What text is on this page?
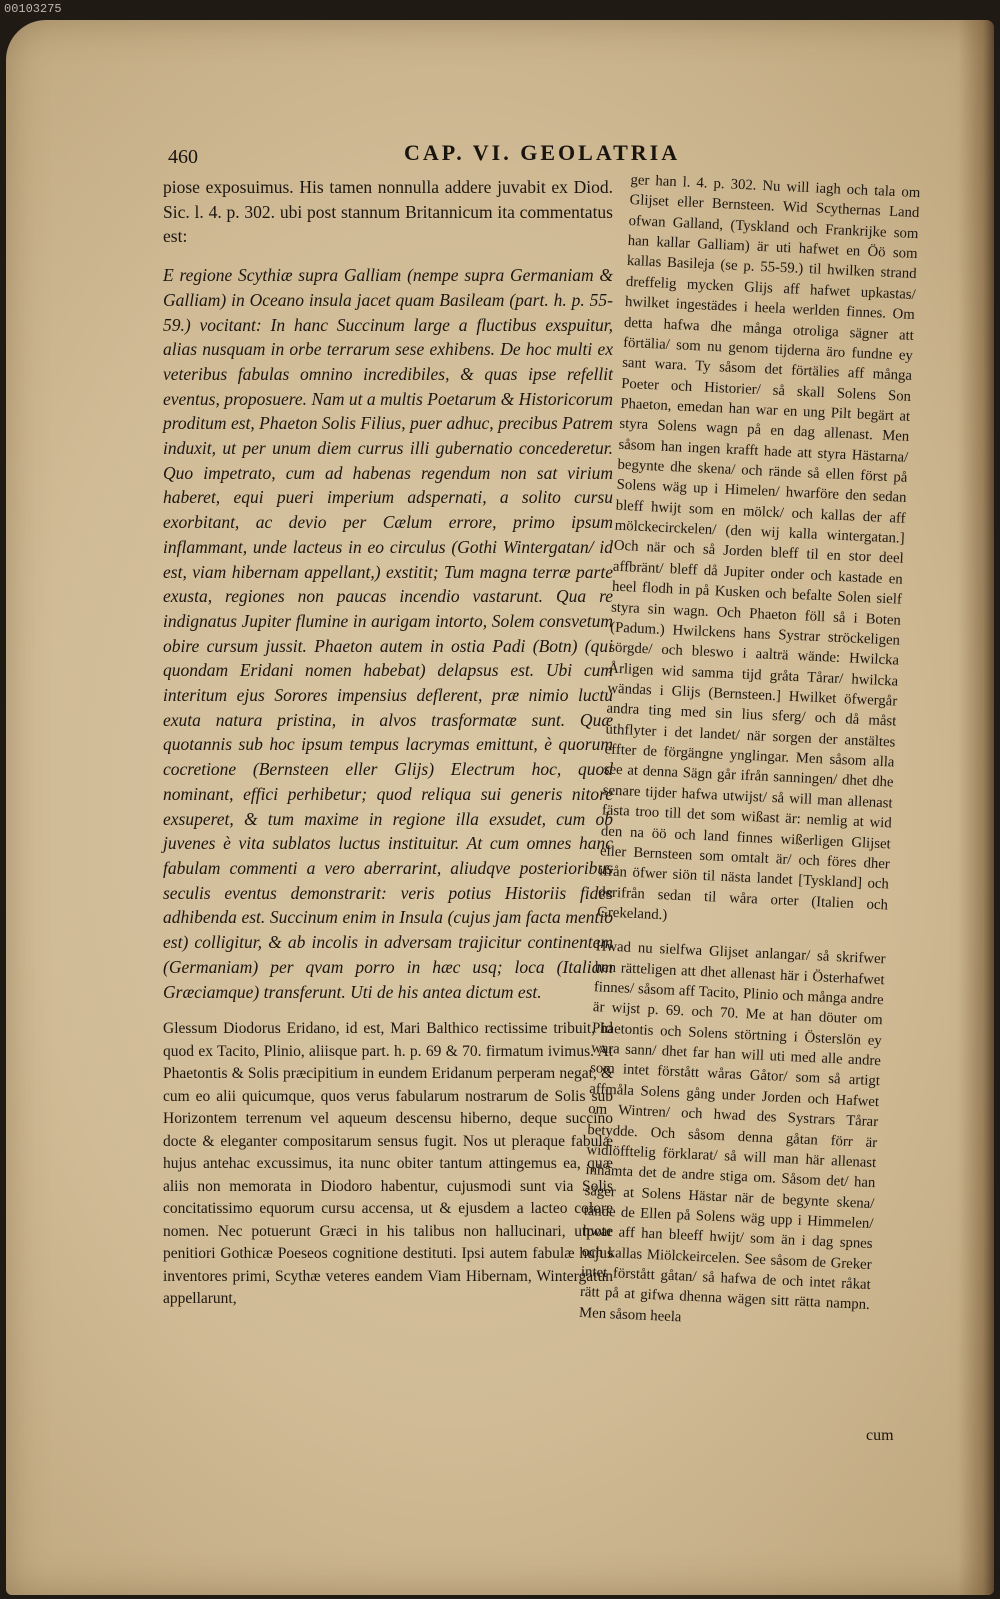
00103275
460	CAP. VI. GEOLATRIA

piose exposuimus. His tamen nonnulla addere juvabit ex Diod. Sic. l. 4. p. 302. ubi post stannum Britannicum ita commentatus est:

E regione Scythiæ supra Galliam (nempe supra Germaniam & Galliam) in Oceano insula jacet quam Basileam (part. h. p. 55-59.) vocitant: In hanc Succinum large a fluctibus exspuitur, alias nusquam in orbe terrarum sese exhibens. De hoc multi ex veteribus fabulas omnino incredibiles, & quas ipse refellit eventus, proposuere. Nam ut a multis Poetarum & Historicorum proditum est, Phaeton Solis Filius, puer adhuc, precibus Patrem induxit, ut per unum diem currus illi gubernatio concederetur. Quo impetrato, cum ad habenas regendum non sat virium haberet, equi pueri imperium adspernati, a solito cursu exorbitant, ac devio per Cælum errore, primo ipsum inflammant, unde lacteus in eo circulus (Gothi Wintergatan/ id est, viam hibernam appellant,) exstitit; Tum magna terræ parte exusta, regiones non paucas incendio vastarunt. Qua re indignatus Jupiter flumine in aurigam intorto, Solem consvetum obire cursum jussit. Phaeton autem in ostia Padi (Botn) (qui quondam Eridani nomen habebat) delapsus est. Ubi cum interitum ejus Sorores impensius deflerent, præ nimio luctu exuta natura pristina, in alvos trasformatæ sunt. Quæ quotannis sub hoc ipsum tempus lacrymas emittunt, è quorum cocretione (Bernsteen eller Glijs) Electrum hoc, quod nominant, effici perhibetur; quod reliqua sui generis nitore exsuperet, & tum maxime in regione illa exsudet, cum ob juvenes è vita sublatos luctus instituitur. At cum omnes hanc fabulam commenti a vero aberrarint, aliudqve posterioribus seculis eventus demonstrarit: veris potius Historiis fides adhibenda est. Succinum enim in Insula (cujus jam facta mentio est) colligitur, & ab incolis in adversam trajicitur continentem (Germaniam) per qvam porro in hæc usq; loca (Italiam Græciamque) transferunt. Uti de his antea dictum est.

Glessum Diodorus Eridano, id est, Mari Balthico rectissime tribuit, id quod ex Tacito, Plinio, aliisque part. h. p. 69 & 70. firmatum ivimus. At Phaetontis & Solis præcipitium in eundem Eridanum perperam negat, & cum eo alii quicumque, quos verus fabularum nostrarum de Solis sub Horizontem terrenum vel aqueum descensu hiberno, deque succino docte & eleganter compositarum sensus fugit. Nos ut pleraque fabulæ hujus antehac excussimus, ita nunc obiter tantum attingemus ea, quæ aliis non memorata in Diodoro habentur, cujusmodi sunt via Solis concitatissimo equorum cursu accensa, ut & ejusdem a lacteo colore nomen. Nec potuerunt Græci in his talibus non hallucinari, utpote penitiori Gothicæ Poeseos cognitione destituti. Ipsi autem fabulæ hujus inventores primi, Scythæ veteres eandem Viam Hibernam, Wintergatun appellarunt,

ger han l. 4. p. 302. Nu will iagh och tala om Glijset eller Bernsteen. Wid Scythernas Land ofwan Galland, (Tyskland och Frankrijke som han kallar Galliam) är uti hafwet en Öö som kallas Basileja (se p. 55-59.) til hwilken strand dreffelig mycken Glijs aff hafwet upkastas/ hwilket ingestädes i heela werlden finnes. Om detta hafwa dhe många otroliga sägner att förtälia/ som nu genom tijderna äro fundne ey sant wara. Ty såsom det förtälies aff många Poeter och Historier/ så skall Solens Son Phaeton, emedan han war en ung Pilt begärt at styra Solens wagn på en dag allenast. Men såsom han ingen krafft hade att styra Hästarna/ begynte dhe skena/ och rände så ellen först på Solens wäg up i Himelen/ hwarföre den sedan bleff hwijt som en mölck/ och kallas der aff mölckecirckelen/ (den wij kalla wintergatan.] Och när och så Jorden bleff til en stor deel affbränt/ bleff då Jupiter onder och kastade en heel flodh in på Kusken och befalte Solen sielf styra sin wagn. Och Phaeton föll så i Boten (Padum.) Hwilckens hans Systrar ströckeligen sörgde/ och bleswo i aalträ wände: Hwilcka Årligen wid samma tijd gråta Tårar/ hwilcka wändas i Glijs (Bernsteen.] Hwilket öfwergår andra ting med sin lius sferg/ och då måst uthflyter i det landet/ när sorgen der anstältes effter de förgängne ynglingar. Men såsom alla see at denna Sägn går ifrån sanningen/ dhet dhe senare tijder hafwa utwijst/ så will man allenast fästa troo till det som wißast är: nemlig at wid den na öö och land finnes wißerligen Glijset eller Bernsteen som omtalt är/ och föres dher ifrån öfwer siön til nästa landet [Tyskland] och derifrån sedan til wåra orter (Italien och Grekeland.)

Hwad nu sielfwa Glijset anlangar/ så skrifwer han rätteligen att dhet allenast här i Österhafwet finnes/ såsom aff Tacito, Plinio och många andre är wijst p. 69. och 70. Me at han döuter om Phaetontis och Solens störtning i Österslön ey wara sann/ dhet far han will uti med alle andre som intet förstått wåras Gåtor/ som så artigt affmåla Solens gång under Jorden och Hafwet om Wintren/ och hwad des Systrars Tårar betydde. Och såsom denna gåtan förr är widlöfftelig förklarat/ så will man här allenast inhämta det de andre stiga om. Såsom det/ han säger at Solens Hästar när de begynte skena/ tände de Ellen på Solens wäg upp i Himmelen/ hwar aff han bleeff hwijt/ som än i dag spnes och kallas Miölckeircelen. See såsom de Greker intet förstått gåtan/ så hafwa de och intet råkat rätt på at gifwa dhenna wägen sitt rätta nampn. Men såsom heela

cum
